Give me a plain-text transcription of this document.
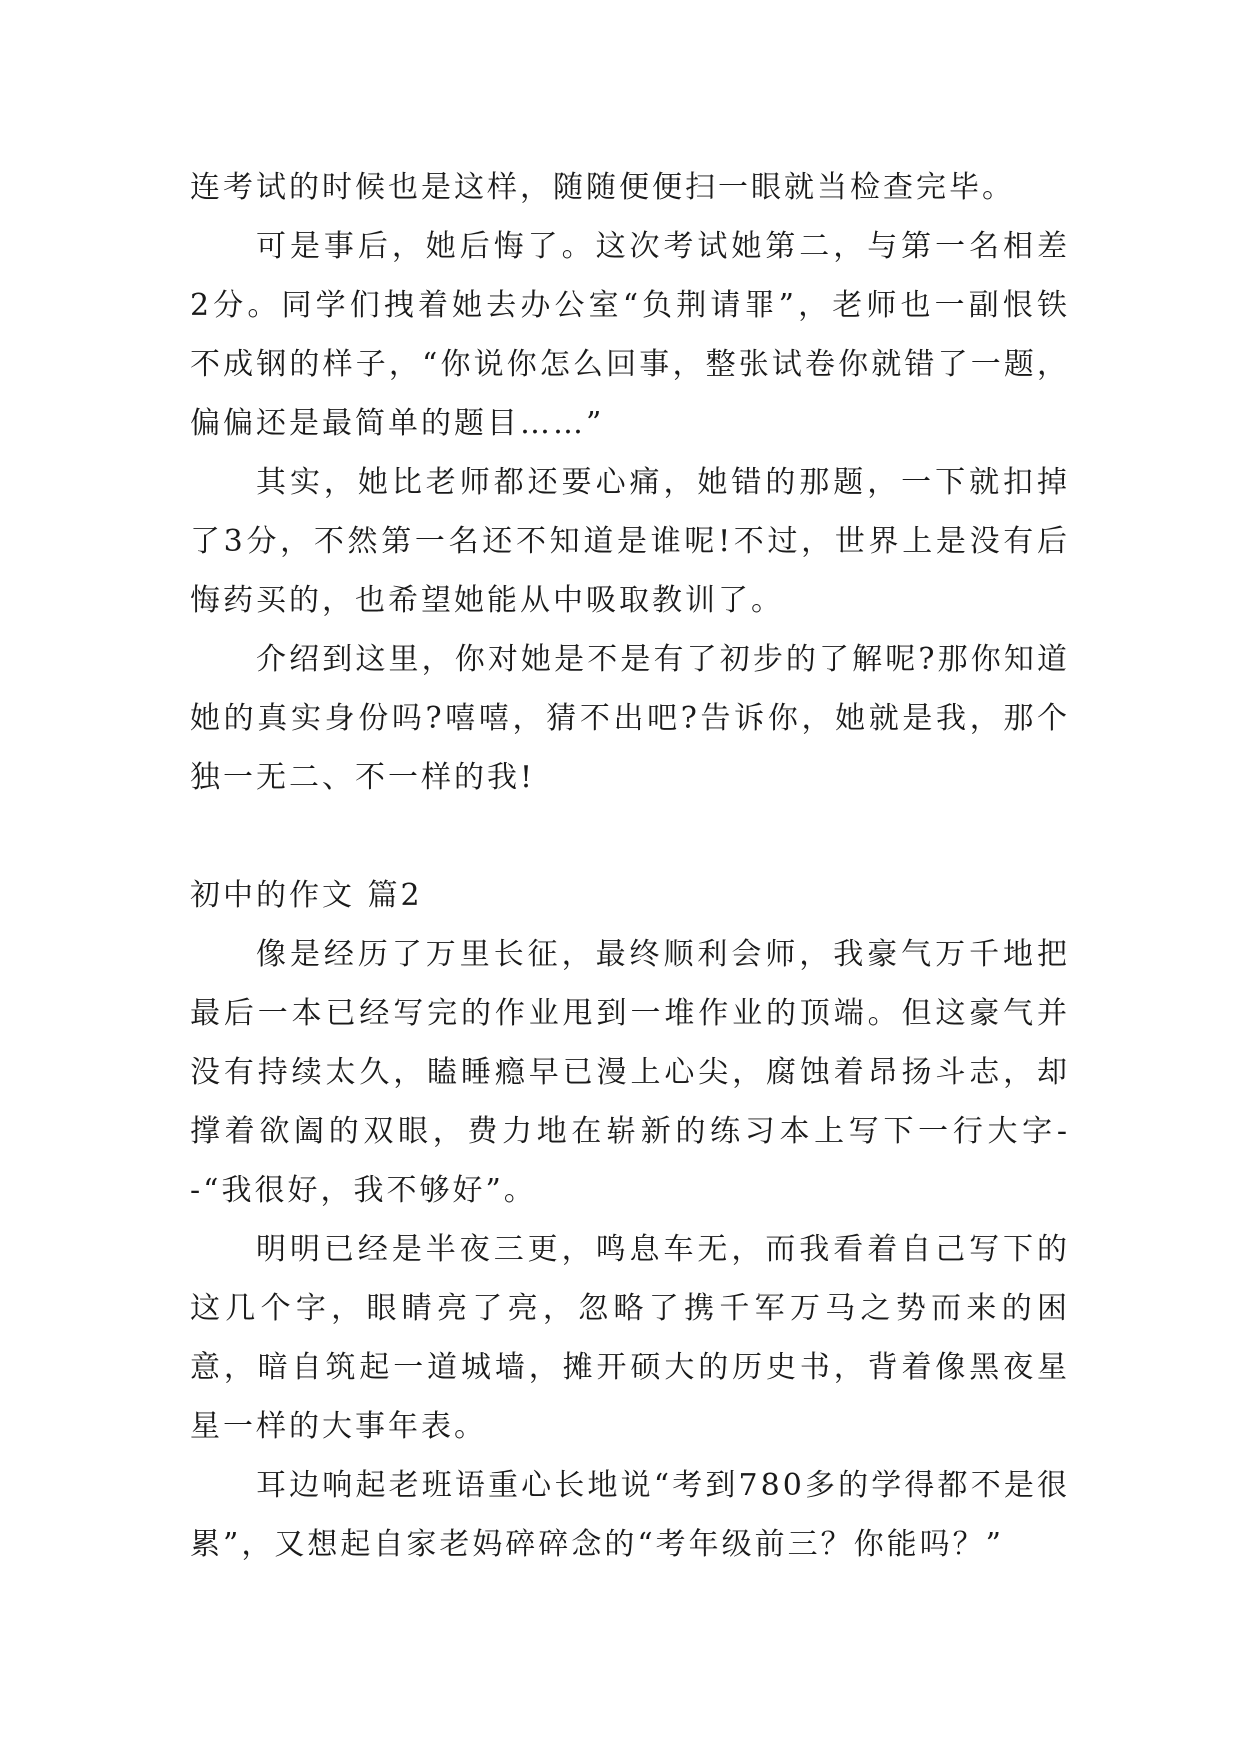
连考试的时候也是这样，随随便便扫一眼就当检查完毕。

可是事后，她后悔了。这次考试她第二，与第一名相差2分。同学们拽着她去办公室“负荆请罪”，老师也一副恨铁不成钢的样子，“你说你怎么回事，整张试卷你就错了一题，偏偏还是最简单的题目……”

其实，她比老师都还要心痛，她错的那题，一下就扣掉了3分，不然第一名还不知道是谁呢!不过，世界上是没有后悔药买的，也希望她能从中吸取教训了。

介绍到这里，你对她是不是有了初步的了解呢?那你知道她的真实身份吗?嘻嘻，猜不出吧?告诉你，她就是我，那个独一无二、不一样的我!

初中的作文 篇2

像是经历了万里长征，最终顺利会师，我豪气万千地把最后一本已经写完的作业甩到一堆作业的顶端。但这豪气并没有持续太久，瞌睡瘾早已漫上心尖，腐蚀着昂扬斗志，却撑着欲阖的双眼，费力地在崭新的练习本上写下一行大字--“我很好，我不够好”。

明明已经是半夜三更，鸣息车无，而我看着自己写下的这几个字，眼睛亮了亮，忽略了携千军万马之势而来的困意，暗自筑起一道城墙，摊开硕大的历史书，背着像黑夜星星一样的大事年表。

耳边响起老班语重心长地说“考到780多的学得都不是很累”，又想起自家老妈碎碎念的“考年级前三？你能吗？”
